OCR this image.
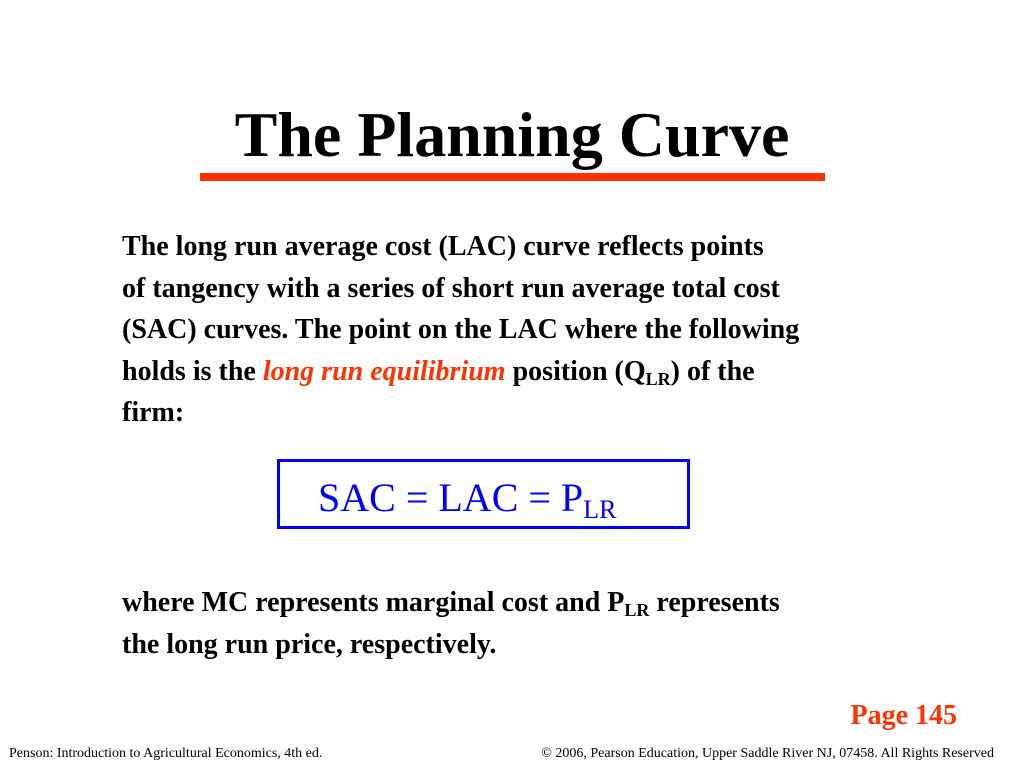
The Planning Curve

The long run average cost (LAC) curve reflects points
of tangency with a series of short run average total cost
(SAC) curves. The point on the LAC where the following
holds is the long run equilibrium position $(Q_{LR})$ of the
firm:

SAC = LAC = $P_{LR}$

where MC represents marginal cost and $P_{LR}$ represents
the long run price, respectively.

Page 145
Penson: Introduction to Agricultural Economics, 4th ed.	© 2006, Pearson Education, Upper Saddle River NJ, 07458. All Rights Reserved
